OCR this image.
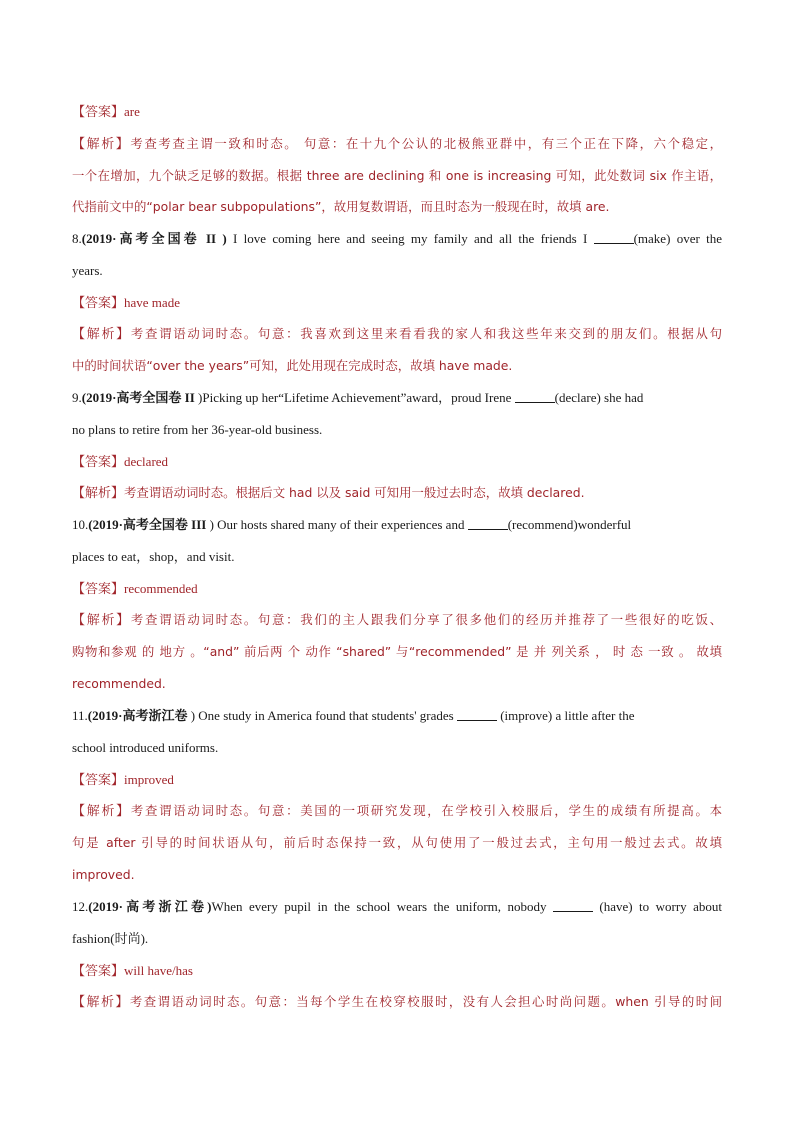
【答案】are
【解析】考查考查主谓一致和时态。 句意：在十九个公认的北极熊亚群中，有三个正在下降，六个稳定，
一个在增加，九个缺乏足够的数据。根据 three are declining 和 one is increasing 可知，此处数词 six 作主语，
代指前文中的“polar bear subpopulations”，故用复数谓语，而且时态为一般现在时，故填 are.
8.(2019·高考全国卷 II ) I love coming here and seeing my family and all the friends I	(make) over the
years.
【答案】have made
【解析】考查谓语动词时态。句意：我喜欢到这里来看看我的家人和我这些年来交到的朋友们。根据从句
中的时间状语“over the years”可知，此处用现在完成时态，故填 have made.
9.(2019·高考全国卷 II )Picking up her“Lifetime Achievement”award，proud Irene	(declare) she had
no plans to retire from her 36-year-old business.
【答案】declared
【解析】考查谓语动词时态。根据后文 had 以及 said 可知用一般过去时态，故填 declared.
10.(2019·高考全国卷 III ) Our hosts shared many of their experiences and	(recommend)wonderful
places to eat，shop，and visit.
【答案】recommended
【解析】考查谓语动词时态。句意：我们的主人跟我们分享了很多他们的经历并推荐了一些很好的吃饭、
购物和参观 的 地方 。“and” 前后两 个 动作 “shared” 与“recommended” 是 并 列关系 ， 时 态 一致 。 故填
recommended.
11.(2019·高考浙江卷 ) One study in America found that students' grades	(improve) a little after the
school introduced uniforms.
【答案】improved
【解析】考查谓语动词时态。句意：美国的一项研究发现，在学校引入校服后，学生的成绩有所提高。本
句是 after 引导的时间状语从句，前后时态保持一致，从句使用了一般过去式，主句用一般过去式。故填
improved.
12.(2019·高考浙江卷)When every pupil in the school wears the uniform, nobody	(have) to worry about
fashion(时尚).
【答案】will have/has
【解析】考查谓语动词时态。句意：当每个学生在校穿校服时，没有人会担心时尚问题。when 引导的时间
